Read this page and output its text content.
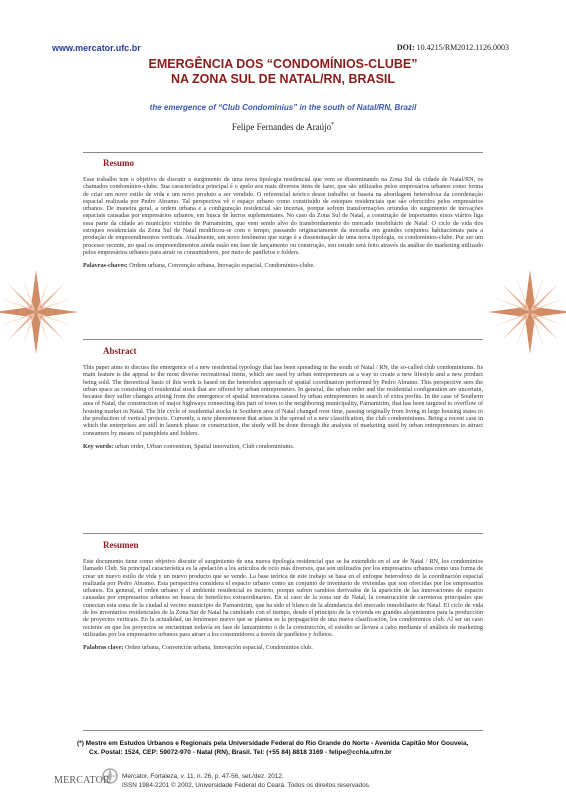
www.mercator.ufc.br	DOI: 10.4215/RM2012.1126.0003
EMERGÊNCIA DOS “CONDOMÍNIOS-CLUBE”
NA ZONA SUL DE NATAL/RN, BRASIL
the emergence of “Club Condominius” in the south of Natal/RN, Brazil
Felipe Fernandes de Araújo*
Resumo

Esse trabalho tem o objetivo de discutir o surgimento de uma nova tipologia residencial que vem se disseminando na Zona Sul da cidade de Natal/RN, os chamados condomínios-clube. Sua característica principal é o apelo aos mais diversos itens de lazer, que são utilizados pelos empresários urbanos como forma de criar um novo estilo de vida e um novo produto a ser vendido. O referencial teórico desse trabalho se baseia na abordagem heterodoxa da coordenação espacial realizada por Pedro Abramo. Tal perspectiva vê o espaço urbano como constituído de estoques residenciais que são oferecidos pelos empresários urbanos. De maneira geral, a ordem urbana e a configuração residencial são incertas, porque sofrem transformações oriundas do surgimento de inovações espaciais causadas por empresários urbanos, em busca de lucros suplementares. No caso da Zona Sul de Natal, a construção de importantes eixos viários liga essa parte da cidade ao município vizinho de Parnamirim, que vem sendo alvo do transbordamento do mercado imobiliário de Natal. O ciclo de vida dos estoques residenciais da Zona Sul de Natal modificou-se com o tempo, passando originariamente da moradia em grandes conjuntos habitacionais para a produção de empreendimentos verticais. Atualmente, um novo fenômeno que surge é a disseminação de uma nova tipologia, os condomínios-clube. Por ser um processo recente, no qual os empreendimentos ainda estão em fase de lançamento ou construção, seu estudo será feito através da análise do marketing utilizado pelos empresários urbanos para atrair os consumidores, por meio de panfletos e folders.

Palavras-chaves: Ordem urbana, Convenção urbana, Inovação espacial, Condomínios-clube.
Abstract

This paper aims to discuss the emergence of a new residential typology that has been spreading in the south of Natal / RN, the so-called club condominiums. Its main feature is the appeal to the most diverse recreational items, which are used by urban entrepreneurs as a way to create a new lifestyle and a new product being sold. The theoretical basis of this work is based on the heterodox approach of spatial coordination performed by Pedro Abramo. This perspective sees the urban space as consisting of residential stock that are offered by urban entrepreneurs. In general, the urban order and the residential configuration are uncertain, because they suffer changes arising from the emergence of spatial innovations caused by urban entrepreneurs in search of extra profits. In the case of Southern area of Natal, the construction of major highways connecting this part of town to the neighboring municipality, Parnamirim, that has been targeted to overflow of housing market in Natal. The life cycle of residential stocks in Southern area of Natal changed over time, passing originally from living in large housing states to the production of vertical projects. Currently, a new phenomenon that arises is the spread of a new classification, the club condominiums. Being a recent case in which the enterprises are still in launch phase or construction, the study will be done through the analysis of marketing used by urban entrepreneurs to attract consumers by means of pamphlets and folders.

Key words: urban order, Urban convention, Spatial innovation, Club condominiums.
Resumen

Este documento tiene como objetivo discutir el surgimiento de una nueva tipología residencial que se ha extendido en el sur de Natal / RN, los condominios llamado Club. Su principal característica es la apelación a los artículos de ocio más diversos, que son utilizados por los empresarios urbanos como una forma de crear un nuevo estilo de vida y un nuevo producto que se vende. La base teórica de este trabajo se basa en el enfoque heterodoxo de la coordinación espacial realizada por Pedro Abramo. Esta perspectiva considera el espacio urbano como un conjunto de inventario de viviendas que son ofrecidas por los empresarios urbanos. En general, el orden urbano y el ambiente residencial es incierto, porque sufren cambios derivados de la aparición de las innovaciones de espacio causadas por empresarios urbanos en busca de beneficios extraordinarios. En el caso de la zona sur de Natal, la construcción de carreteras principales que conectan esta zona de la ciudad al vecino municipio de Parnamirim, que ha sido el blanco de la abundancia del mercado inmobiliario de Natal. El ciclo de vida de los inventarios residenciales de la Zona Sur de Natal ha cambiado con el tiempo, desde el principio de la vivienda en grandes alojamientos para la producción de proyectos verticais. En la actualidad, un fenómeno nuevo que se plantea es la propagación de una nueva clasificación, los condominios club. Al ser un caso reciente en que los proyectos se encuentran todavía en fase de lanzamiento o de la construcción, el estudio se llevará a cabo mediante el análisis de marketing utilizadas por los empresarios urbanos para atraer a los consumidores a través de panfletos y folletos.

Palabras clave: Orden urbana, Convención urbana, Innovación espacial, Condominios club.
(*) Mestre em Estudos Urbanos e Regionais pela Universidade Federal do Rio Grande do Norte - Avenida Capitão Mor Gouveia,
Cx. Postal: 1524, CEP: 59072-970 - Natal (RN), Brasil. Tel: (+55 84) 8818 3169 - felipe@cchla.ufrn.br
MERCATOR Mercator, Fortaleza, v. 11, n. 26, p. 47-56, set./dez. 2012.
ISSN 1984-2201 © 2002, Universidade Federal do Ceará. Todos os direitos reservados.
